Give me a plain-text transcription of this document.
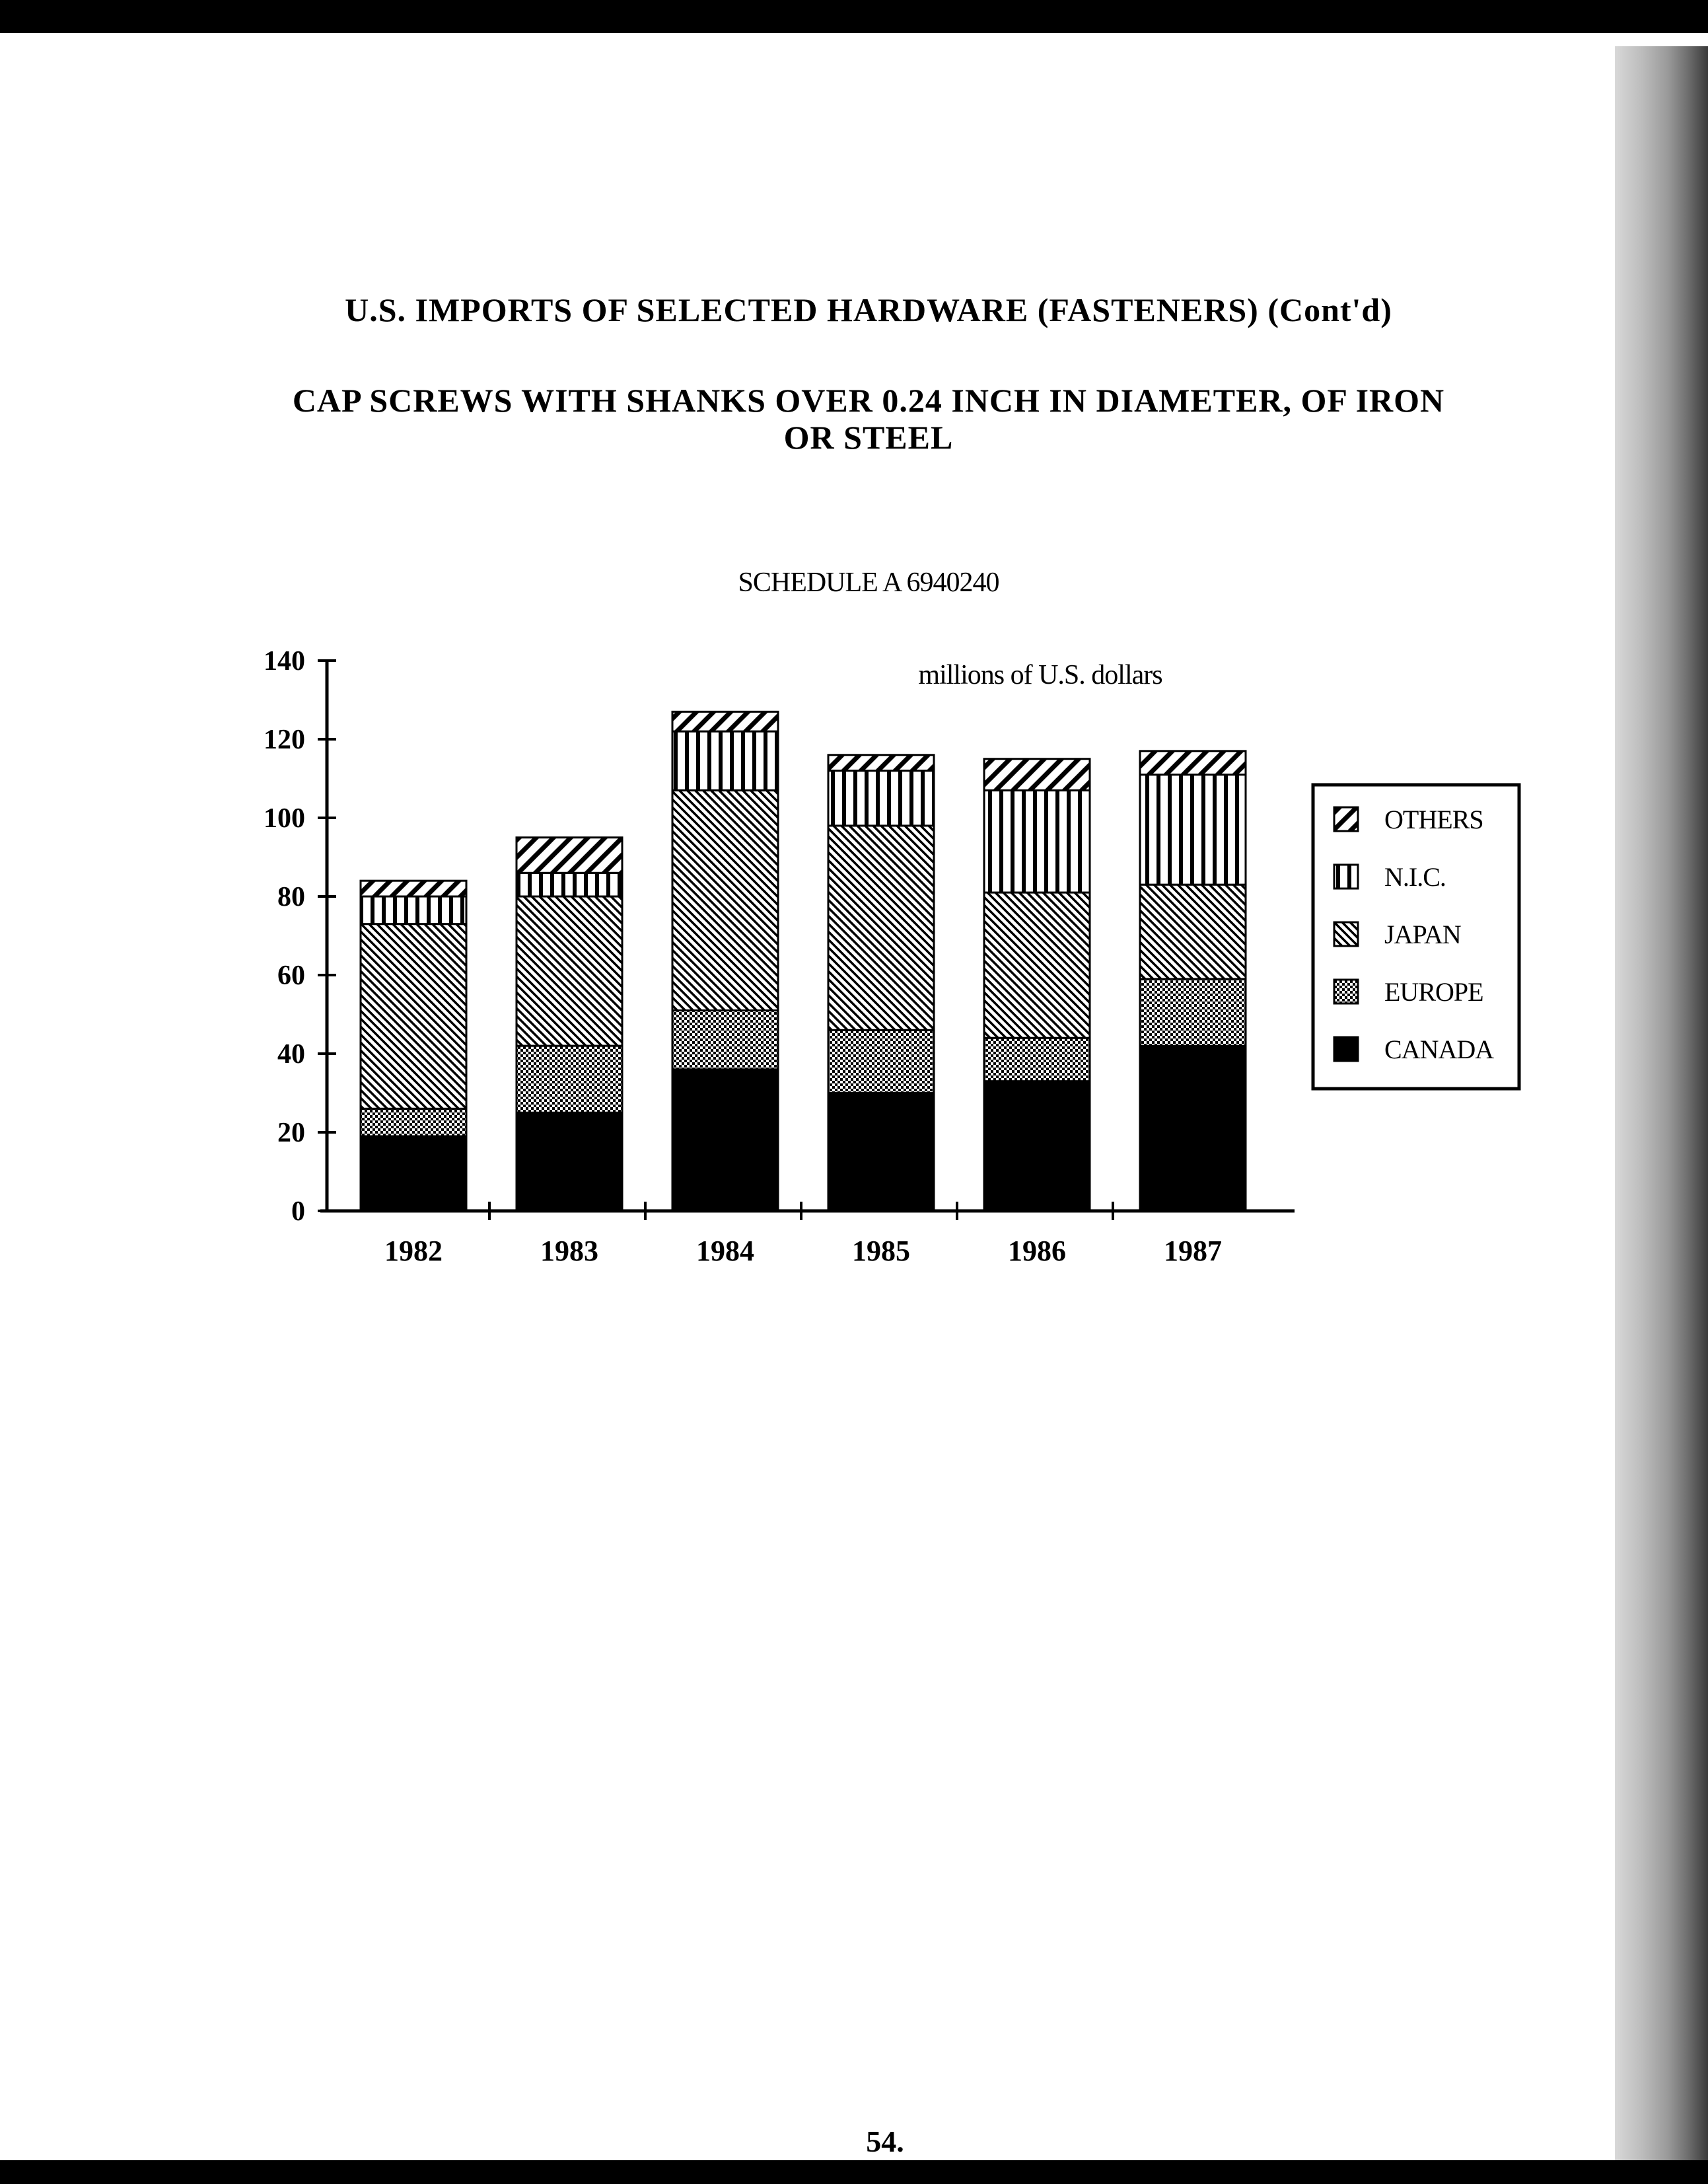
U.S. IMPORTS OF SELECTED HARDWARE (FASTENERS) (Cont'd)
CAP SCREWS WITH SHANKS OVER 0.24 INCH IN DIAMETER, OF IRON
OR STEEL
SCHEDULE A 6940240
1982	1983	1984	1985	1986	1987
0
20
40
60
80
100
120
140	millions of U.S. dollars
OTHERS
N.I.C.
JAPAN
EUROPE
CANADA
54.
